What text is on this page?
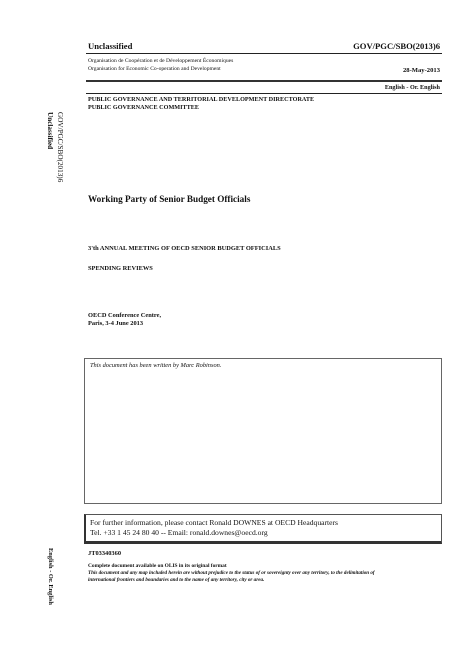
GOV/PGC/SBO(2013)6
Unclassified
English - Or. English
Unclassified	GOV/PGC/SBO(2013)6
Organisation de Coopération et de Développement Économiques
Organisation for Economic Co-operation and Development	28-May-2013
English - Or. English
PUBLIC GOVERNANCE AND TERRITORIAL DEVELOPMENT DIRECTORATE
PUBLIC GOVERNANCE COMMITTEE
Working Party of Senior Budget Officials
3'th ANNUAL MEETING OF OECD SENIOR BUDGET OFFICIALS
SPENDING REVIEWS
OECD Conference Centre,
Paris, 3-4 June 2013
This document has been written by Marc Robinson.
For further information, please contact Ronald DOWNES at OECD Headquarters
Tel. +33 1 45 24 80 40 -- Email: ronald.downes@oecd.org
JT03340360
Complete document available on OLIS in its original format
This document and any map included herein are without prejudice to the status of or sovereignty over any territory, to the delimitation of
international frontiers and boundaries and to the name of any territory, city or area.
